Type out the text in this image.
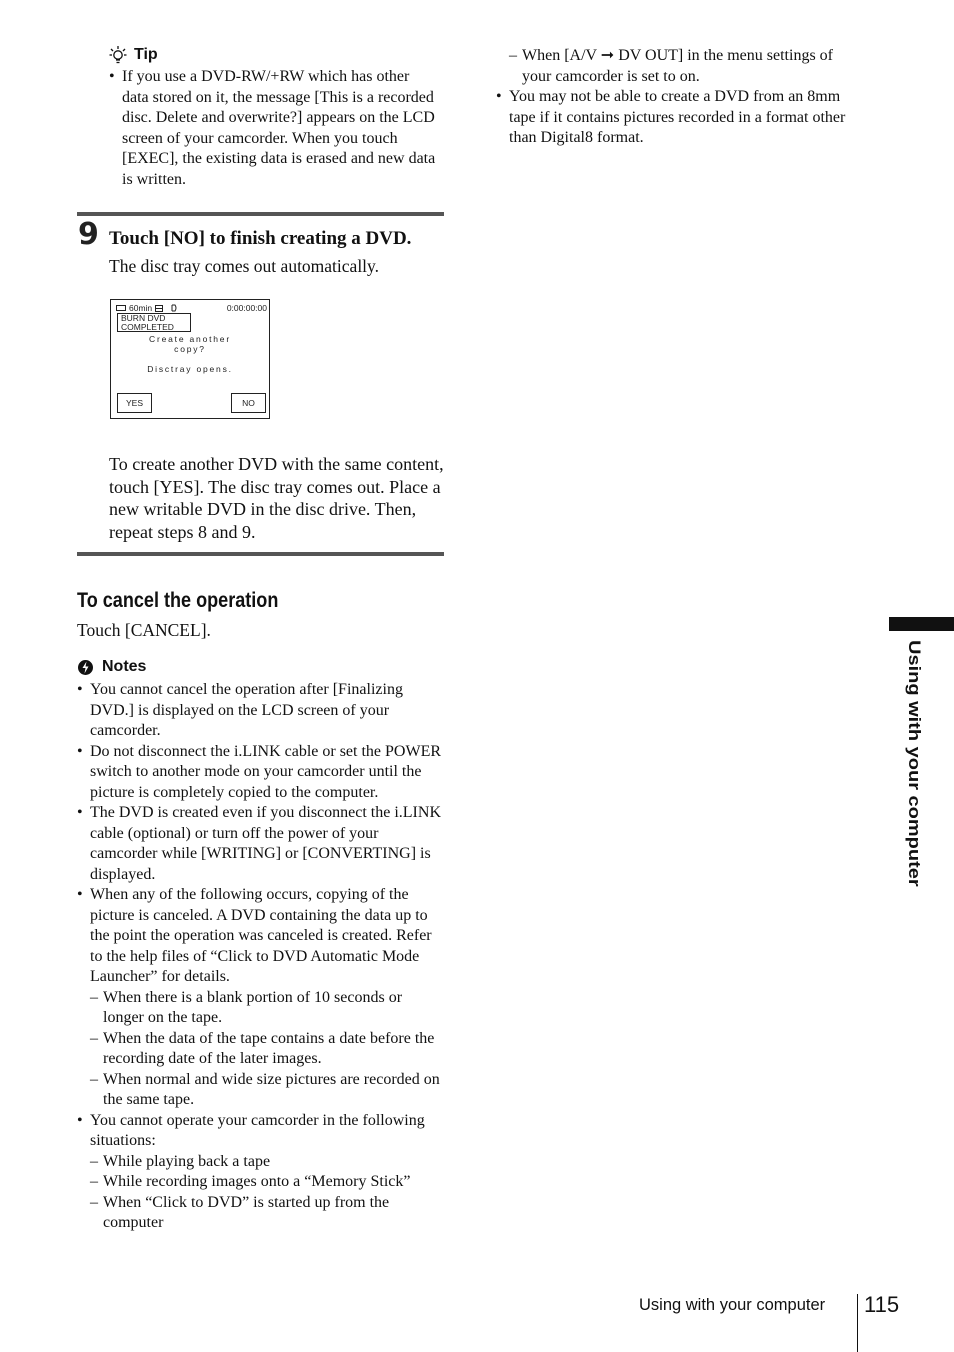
Tip
• If you use a DVD-RW/+RW which has other data stored on it, the message [This is a recorded disc. Delete and overwrite?] appears on the LCD screen of your camcorder. When you touch [EXEC], the existing data is erased and new data is written.
9 Touch [NO] to finish creating a DVD.
The disc tray comes out automatically.
60min	0:00:00:00
BURN DVD
COMPLETED
Create another
copy?
Disctray opens.
YES	NO
To create another DVD with the same content, touch [YES]. The disc tray comes out. Place a new writable DVD in the disc drive. Then, repeat steps 8 and 9.
To cancel the operation
Touch [CANCEL].
Notes
• You cannot cancel the operation after [Finalizing DVD.] is displayed on the LCD screen of your camcorder.
• Do not disconnect the i.LINK cable or set the POWER switch to another mode on your camcorder until the picture is completely copied to the computer.
• The DVD is created even if you disconnect the i.LINK cable (optional) or turn off the power of your camcorder while [WRITING] or [CONVERTING] is displayed.
• When any of the following occurs, copying of the picture is canceled. A DVD containing the data up to the point the operation was canceled is created. Refer to the help files of “Click to DVD Automatic Mode Launcher” for details.
– When there is a blank portion of 10 seconds or longer on the tape.
– When the data of the tape contains a date before the recording date of the later images.
– When normal and wide size pictures are recorded on the same tape.
• You cannot operate your camcorder in the following situations:
– While playing back a tape
– While recording images onto a “Memory Stick”
– When “Click to DVD” is started up from the computer
– When [A/V ➞ DV OUT] in the menu settings of your camcorder is set to on.
• You may not be able to create a DVD from an 8mm tape if it contains pictures recorded in a format other than Digital8 format.
Using with your computer
Using with your computer 115
